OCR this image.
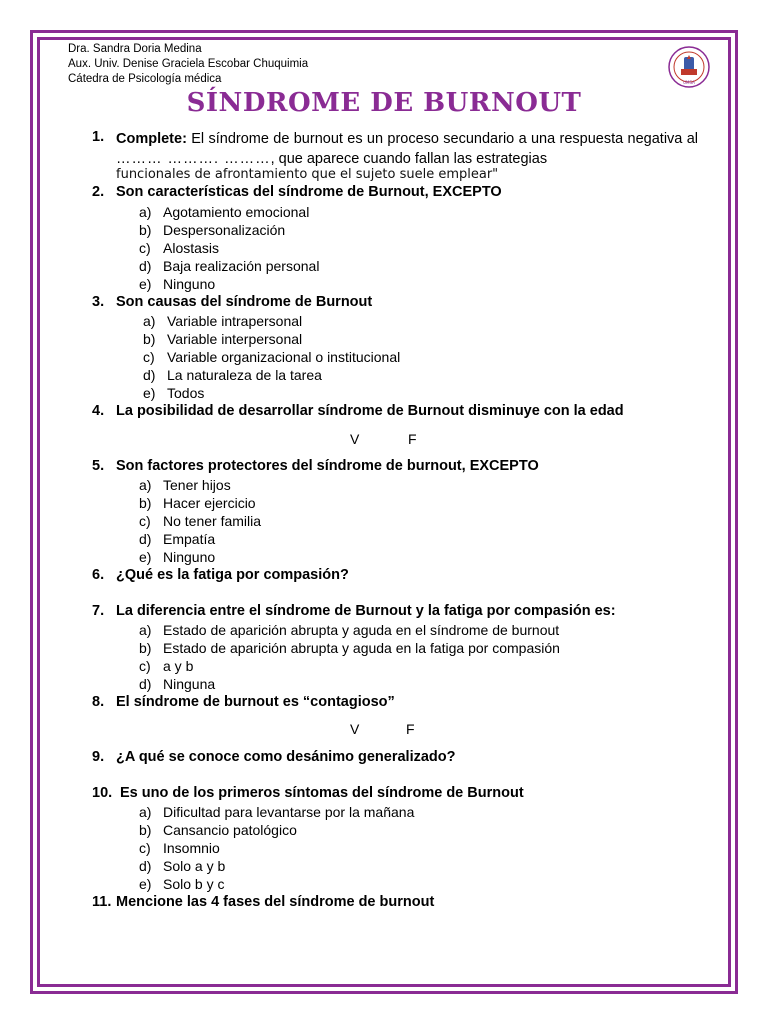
Dra. Sandra Doria Medina
Aux. Univ. Denise Graciela Escobar Chuquimia
Cátedra de Psicología médica	UMSA
SÍNDROME DE BURNOUT
1. Complete: El síndrome de burnout es un proceso secundario a una respuesta negativa al ……… ………. ………, que aparece cuando fallan las estrategias
funcionales de afrontamiento que el sujeto suele emplear"
2. Son características del síndrome de Burnout, EXCEPTO
a) Agotamiento emocional
b) Despersonalización
c) Alostasis
d) Baja realización personal
e) Ninguno
3. Son causas del síndrome de Burnout
a) Variable intrapersonal
b) Variable interpersonal
c) Variable organizacional o institucional
d) La naturaleza de la tarea
e) Todos
4. La posibilidad de desarrollar síndrome de Burnout disminuye con la edad
V	F
5. Son factores protectores del síndrome de burnout, EXCEPTO
a) Tener hijos
b) Hacer ejercicio
c) No tener familia
d) Empatía
e) Ninguno
6. ¿Qué es la fatiga por compasión?
7. La diferencia entre el síndrome de Burnout y la fatiga por compasión es:
a) Estado de aparición abrupta y aguda en el síndrome de burnout
b) Estado de aparición abrupta y aguda en la fatiga por compasión
c) a y b
d) Ninguna
8. El síndrome de burnout es “contagioso”
V	F
9. ¿A qué se conoce como desánimo generalizado?
10. Es uno de los primeros síntomas del síndrome de Burnout
a) Dificultad para levantarse por la mañana
b) Cansancio patológico
c) Insomnio
d) Solo a y b
e) Solo b y c
11. Mencione las 4 fases del síndrome de burnout
